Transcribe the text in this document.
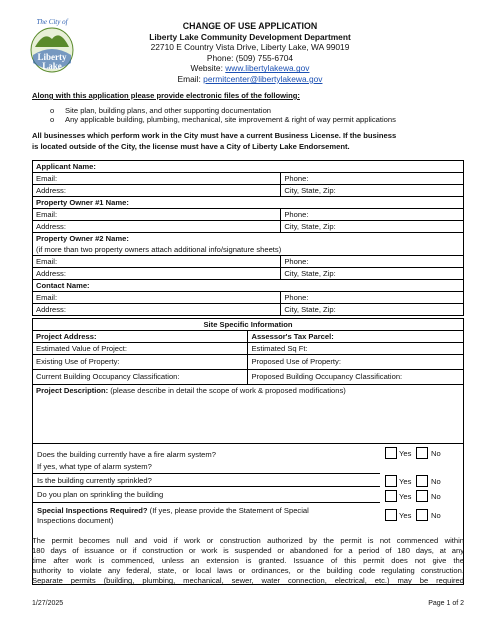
The City of
Liberty Lake
CHANGE OF USE APPLICATION
Liberty Lake Community Development Department
22710 E Country Vista Drive, Liberty Lake, WA 99019
Phone: (509) 755-6704
Website: www.libertylakewa.gov
Email: permitcenter@libertylakewa.gov
Along with this application please provide electronic files of the following:
o Site plan, building plans, and other supporting documentation
o Any applicable building, plumbing, mechanical, site improvement & right of way permit applications
All businesses which perform work in the City must have a current Business License. If the business
is located outside of the City, the license must have a City of Liberty Lake Endorsement.
Applicant Name:	
Email:	Phone:
Address:	City, State, Zip:
Property Owner #1 Name:	
Email:	Phone:
Address:	City, State, Zip:
Property Owner #2 Name:
(if more than two property owners attach additional info/signature sheets)	
Email:	Phone:
Address:	City, State, Zip:
Contact Name:	
Email:	Phone:
Address:	City, State, Zip:
Site Specific Information	
Project Address:	Assessor's Tax Parcel:
Estimated Value of Project:	Estimated Sq Ft:
Existing Use of Property:	Proposed Use of Property:
Current Building Occupancy Classification:	Proposed Building Occupancy Classification:
Project Description: (please describe in detail the scope of work & proposed modifications)	

Does the building currently have a fire alarm system?
If yes, what type of alarm system?
Yes	No
Is the building currently sprinkled?	Yes	No
Do you plan on sprinkling the building	Yes	No
Special Inspections Required? (If yes, please provide the Statement of Special
Inspections document)
Yes	No
The permit becomes null and void if work or construction authorized by the permit is not commenced within
180 days of issuance or if construction or work is suspended or abandoned for a period of 180 days, at any
time after work is commenced, unless an extension is granted. Issuance of this permit does not give the
authority to violate any federal, state, or local laws or ordinances, or the building code regulating construction.
Separate permits (building, plumbing, mechanical, sewer, water connection, electrical, etc.) may be required
1/27/2025	Page 1 of 2
